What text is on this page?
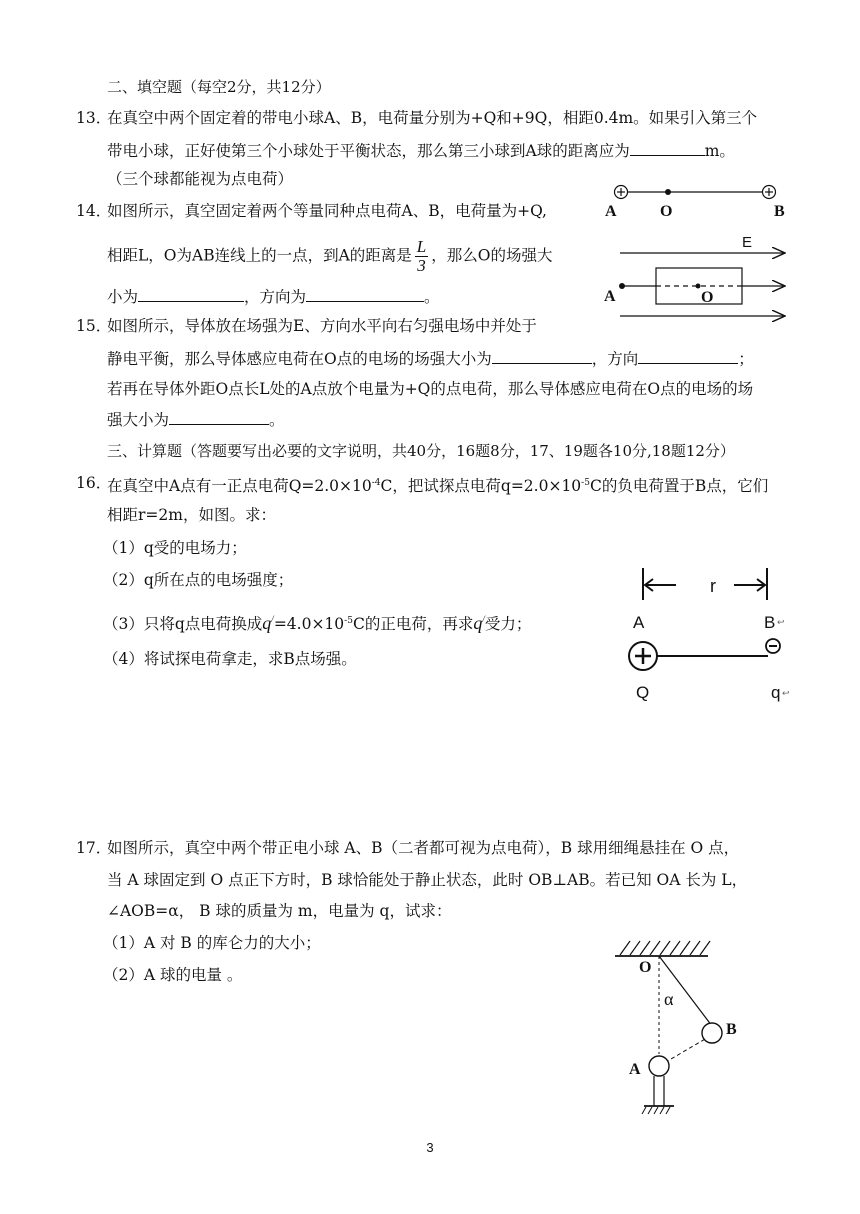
二、填空题（每空2分，共12分）
13．
在真空中两个固定着的带电小球A、B，电荷量分别为+Q和+9Q，相距0.4m。如果引入第三个
带电小球，正好使第三个小球处于平衡状态，那么第三小球到A球的距离应为	m。
（三个球都能视为点电荷）
14．
如图所示，真空固定着两个等量同种点电荷A、B，电荷量为+Q,
相距L，O为AB连线上的一点，到A的距离是 $\frac{L}{3}$ ，那么O的场强大
小为	，方向为	。
A	O	B
E
A	O
15．
如图所示，导体放在场强为E、方向水平向右匀强电场中并处于
静电平衡，那么导体感应电荷在O点的电场的场强大小为	，方向	；
若再在导体外距O点长L处的A点放个电量为+Q的点电荷，那么导体感应电荷在O点的电场的场
强大小为	。
三、计算题（答题要写出必要的文字说明，共40分，16题8分，17、19题各10分,18题12分）
16．
在真空中A点有一正点电荷$Q=2.0\times 10^{-4}C$，把试探点电荷$q=2.0\times 10^{-5}C$的负电荷置于B点，它们
相距r=2m，如图。求：
（1）q受的电场力；
（2）q所在点的电场强度；
（3）只将q点电荷换成$q^/=4.0\times 10^{-5}C$的正电荷，再求q/受力；
（4）将试探电荷拿走，求B点场强。
r
A	B ↩
Q	q ↩
17．
如图所示，真空中两个带正电小球 A、B（二者都可视为点电荷），B 球用细绳悬挂在 O 点，
当 A 球固定到 O 点正下方时，B 球恰能处于静止状态，此时 OB⊥AB。若已知 OA 长为 L，
∠AOB=α， B 球的质量为 m，电量为 q，试求：
（1）A 对 B 的库仑力的大小；
（2）A 球的电量 。	O
α
B
A
3
